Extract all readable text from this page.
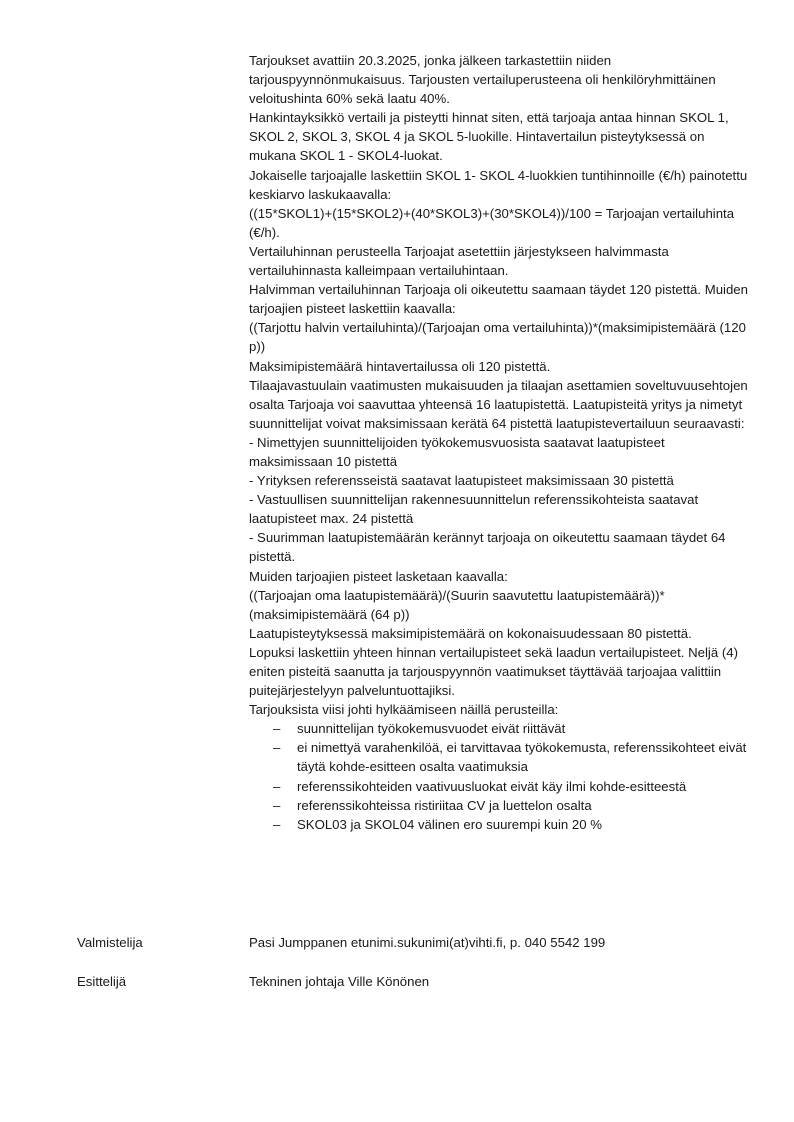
Tarjoukset avattiin 20.3.2025, jonka jälkeen tarkastettiin niiden tarjouspyynnönmukaisuus. Tarjousten vertailuperusteena oli henkilöryhmittäinen veloitushinta 60% sekä laatu 40%.

Hankintayksikkö vertaili ja pisteytti hinnat siten, että tarjoaja antaa hinnan SKOL 1, SKOL 2, SKOL 3, SKOL 4 ja SKOL 5-luokille. Hintavertailun pisteytyksessä on mukana SKOL 1 - SKOL4-luokat.

Jokaiselle tarjoajalle laskettiin SKOL 1- SKOL 4-luokkien tuntihinnoille (€/h) painotettu keskiarvo laskukaavalla:

((15*SKOL1)+(15*SKOL2)+(40*SKOL3)+(30*SKOL4))/100 = Tarjoajan vertailuhinta (€/h).

Vertailuhinnan perusteella Tarjoajat asetettiin järjestykseen halvimmasta vertailuhinnasta kalleimpaan vertailuhintaan.

Halvimman vertailuhinnan Tarjoaja oli oikeutettu saamaan täydet 120 pistettä. Muiden tarjoajien pisteet laskettiin kaavalla:

((Tarjottu halvin vertailuhinta)/(Tarjoajan oma vertailuhinta))*(maksimipistemäärä (120 p))

Maksimipistemäärä hintavertailussa oli 120 pistettä.

Tilaajavastuulain vaatimusten mukaisuuden ja tilaajan asettamien soveltuvuusehtojen osalta Tarjoaja voi saavuttaa yhteensä 16 laatupistettä. Laatupisteitä yritys ja nimetyt suunnittelijat voivat maksimissaan kerätä 64 pistettä laatupistevertailuun seuraavasti:

- Nimettyjen suunnittelijoiden työkokemusvuosista saatavat laatupisteet maksimissaan 10 pistettä

- Yrityksen referensseistä saatavat laatupisteet maksimissaan 30 pistettä

- Vastuullisen suunnittelijan rakennesuunnittelun referenssikohteista saatavat laatupisteet max. 24 pistettä

- Suurimman laatupistemäärän kerännyt tarjoaja on oikeutettu saamaan täydet 64 pistettä.

Muiden tarjoajien pisteet lasketaan kaavalla:

((Tarjoajan oma laatupistemäärä)/(Suurin saavutettu laatupistemäärä))*(maksimipistemäärä (64 p))

Laatupisteytyksessä maksimipistemäärä on kokonaisuudessaan 80 pistettä.

Lopuksi laskettiin yhteen hinnan vertailupisteet sekä laadun vertailupisteet. Neljä (4) eniten pisteitä saanutta ja tarjouspyynnön vaatimukset täyttävää tarjoajaa valittiin puitejärjestelyyn palveluntuottajiksi.

Tarjouksista viisi johti hylkäämiseen näillä perusteilla:

– suunnittelijan työkokemusvuodet eivät riittävät
– ei nimettyä varahenkilöä, ei tarvittavaa työkokemusta, referenssikohteet eivät täytä kohde-esitteen osalta vaatimuksia
– referenssikohteiden vaativuusluokat eivät käy ilmi kohde-esitteestä
– referenssikohteissa ristiriitaa CV ja luettelon osalta
– SKOL03 ja SKOL04 välinen ero suurempi kuin 20 %
Valmistelija	Pasi Jumppanen etunimi.sukunimi(at)vihti.fi, p. 040 5542 199
Esittelijä	Tekninen johtaja Ville Könönen
